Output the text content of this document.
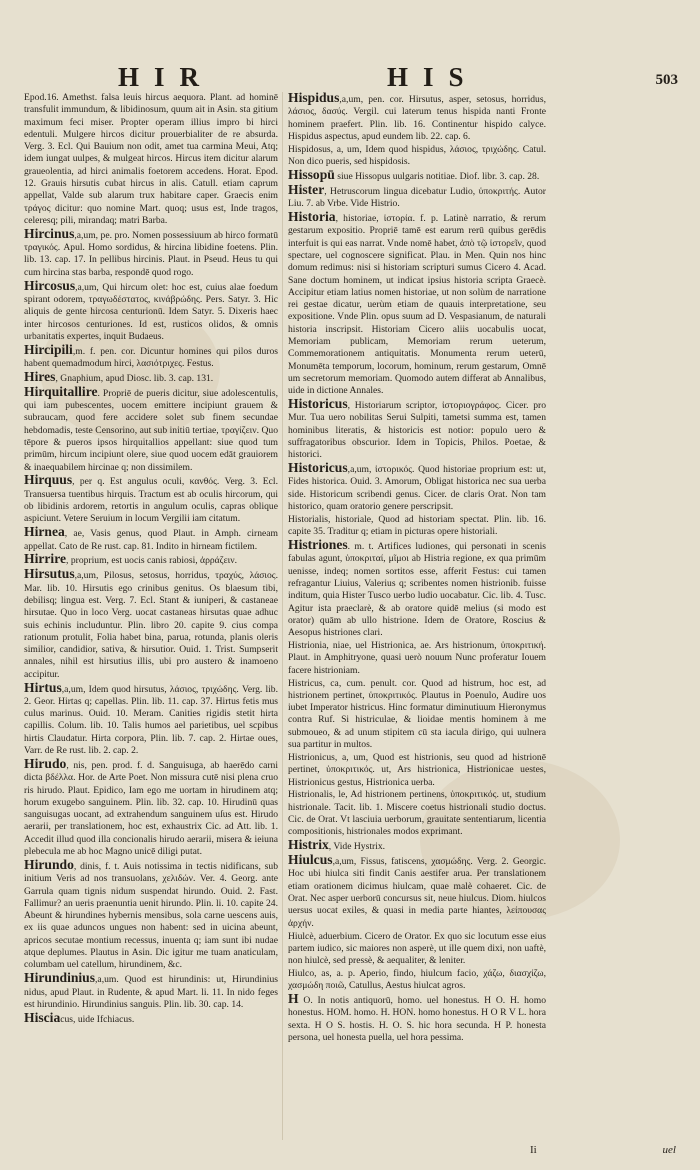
HIR	HIS	503

Epod.16. Amethst. falsa leuis hircus aequora. Plant. ad hominē transfulit immundum, & libidinosum, quum ait in Asin. sta gitium maximum feci miser. Propter operam illius impro bi hirci edentuli. Mulgere hircos dicitur prouerbialiter de re absurda. Verg. 3. Ecl. Qui Bauium non odit, amet tua carmina Meui, Atq; idem iungat uulpes, & mulgeat hircos. Hircus item dicitur alarum graueolentia, ad hirci animalis foetorem accedens. Horat. Epod. 12. Grauis hirsutis cubat hircus in alis. Catull. etiam caprum appellat, Valde sub alarum trux habitare caper. Graecis enim τράγος dicitur: quo nomine Mart. quoq; usus est, Inde tragos, celeresq; pili, mirandaq; matri Barba.

Hircinus,a,um, pe. pro. Nomen possessiuum ab hirco formatū τραγικός. Apul. Homo sordidus, & hircina libidine foetens. Plin. lib. 13. cap. 17. In pellibus hircinis. Plaut. in Pseud. Heus tu qui cum hircina stas barba, respondē quod rogo.

Hircosus,a,um, Qui hircum olet: hoc est, cuius alae foedum spirant odorem, τραγωδέστατος, κινάβρώδης. Pers. Satyr. 3. Hic aliquis de gente hircosa centurionū. Idem Satyr. 5. Dixeris haec inter hircosos centuriones. Id est, rusticos olidos, & omnis urbanitatis expertes, inquit Budaeus.

Hircipili,m. f. pen. cor. Dicuntur homines qui pilos duros habent quemadmodum hirci, λασιότριχες. Festus.

Hires, Gnaphium, apud Diosc. lib. 3. cap. 131.

Hirquitallire. Propriē de pueris dicitur, siue adolescentulis, qui iam pubescentes, uocem emittere incipiunt grauem & subraucam, quod fere accidere solet sub finem secundae hebdomadis, teste Censorino, aut sub initiū tertiae, τραγίζειν. Quo tēpore & pueros ipsos hirquitallios appellant: siue quod tum primūm, hircum incipiunt olere, siue quod uocem edāt grauiorem & inaequabilem hircinae q; non dissimilem.

Hirquus, per q. Est angulus oculi, κανθός. Verg. 3. Ecl. Transuersa tuentibus hirquis. Tractum est ab oculis hircorum, qui ob libidinis ardorem, retortis in angulum oculis, capras oblique aspiciunt. Vetere Seruium in locum Vergilii iam citatum.

Hirnea, ae, Vasis genus, quod Plaut. in Amph. cirneam appellat. Cato de Re rust. cap. 81. Indito in hirneam fictilem.

Hirrire, proprium, est uocis canis rabiosi, ἀρράζειν.

Hirsutus,a,um, Pilosus, setosus, horridus, τραχύς, λάσιος. Mar. lib. 10. Hirsutis ego crinibus genitus. Os blaesum tibi, debilisq; lingua est. Verg. 7. Ecl. Stant & iuniperi, & castaneae hirsutae. Quo in loco Verg. uocat castaneas hirsutas quae adhuc suis echinis includuntur. Plin. libro 20. capite 9. cius compa rationum protulit, Folia habet bina, parua, rotunda, planis oleris similior, candidior, sativa, & hirsutior. Ouid. 1. Trist. Sumpserit annales, nihil est hirsutius illis, ubi pro austero & inamoeno accipitur.

Hirtus,a,um, Idem quod hirsutus, λάσιος, τριχώδης. Verg. lib. 2. Geor. Hirtas q; capellas. Plin. lib. 11. cap. 37. Hirtus fetis mus culus marinus. Ouid. 10. Meram. Canities rigidis stetit hirta capillis. Colum. lib. 10. Talis humos ael parietibus, uel scpibus hirtis Claudatur. Hirta corpora, Plin. lib. 7. cap. 2. Hirtae oues, Varr. de Re rust. lib. 2. cap. 2.

Hirudo, nis, pen. prod. f. d. Sanguisuga, ab haerēdo carni dicta βδέλλα. Hor. de Arte Poet. Non missura cutē nisi plena cruo ris hirudo. Plaut. Epidico, Iam ego me uortam in hirudinem atq; horum exugebo sanguinem. Plin. lib. 32. cap. 10. Hirudinū quas sanguisugas uocant, ad extrahendum sanguinem uſus est. Hirudo aerarii, per translationem, hoc est, exhaustrix Cic. ad Att. lib. 1. Accedit illud quod illa concionalis hirudo aerarii, misera & ieiuna plebecula me ab hoc Magno unicē diligi putat.

Hirundo, dinis, f. t. Auis notissima in tectis nidificans, sub initium Veris ad nos transuolans, χελιδών. Ver. 4. Georg. ante Garrula quam tignis nidum suspendat hirundo. Ouid. 2. Fast. Fallimur? an ueris praenuntia uenit hirundo. Plin. li. 10. capite 24. Abeunt & hirundines hybernis mensibus, sola carne uescens auis, ex iis quae aduncos ungues non habent: sed in uicina abeunt, apricos secutae montium recessus, inuenta q; iam sunt ibi nudae atque deplumes. Plautus in Asin. Dic igitur me tuam anaticulam, columbam uel catellum, hirundinem, &c.

Hirundinius,a,um. Quod est hirundinis: ut, Hirundinius nidus, apud Plaut. in Rudente, & apud Mart. li. 11. In nido feges est hirundinio. Hirundinius sanguis. Plin. lib. 30. cap. 14.

Hisciacus, uide Ifchiacus.

Hispidus,a,um, pen. cor. Hirsutus, asper, setosus, horridus, λάσιος, δασύς. Vergil. cui laterum tenus hispida nanti Fronte hominem praefert. Plin. lib. 16. Continentur hispido calyce. Hispidus aspectus, apud eundem lib. 22. cap. 6.

Hispidosus, a, um, Idem quod hispidus, λάσιος, τριχώδης. Catul. Non dico pueris, sed hispidosis.

Hissopū siue Hissopus uulgaris notitiae. Diof. libr. 3. cap. 28.

Hister, Hetruscorum lingua dicebatur Ludio, ὑποκριτής. Autor Liu. 7. ab Vrbe. Vide Histrio.

Historia, historiae, ἱστορία. f. p. Latinè narratio, & rerum gestarum expositio. Propriē tamē est earum rerū quibus gerēdis interfuit is qui eas narrat. Vnde nomē habet, ἀπὸ τῷ ἱστορεῖν, quod spectare, uel cognoscere significat. Plau. in Men. Quin nos hinc domum redimus: nisi si historiam scripturi sumus Cicero 4. Acad. Sane doctum hominem, ut indicat ipsius historia scripta Graecè. Accipitur etiam latius nomen historiae, ut non solùm de narratione rei gestae dicatur, uerùm etiam de quauis interpretatione, seu expositione. Vnde Plin. opus suum ad D. Vespasianum, de naturali historia inscripsit. Historiam Cicero aliis uocabulis uocat, Memoriam publicam, Memoriam rerum ueterum, Commemorationem antiquitatis. Monumenta rerum ueterū, Monumēta temporum, locorum, hominum, rerum gestarum, Omnē um secretorum memoriam. Quomodo autem differat ab Annalibus, uide in dictione Annales.

Historicus, Historiarum scriptor, ἱστοριογράφος. Cicer. pro Mur. Tua uero nobilitas Serui Sulpiti, tametsi summa est, tamen hominibus literatis, & historicis est notior: populo uero & suffragatoribus obscurior. Idem in Topicis, Philos. Poetae, & historici.

Historicus,a,um, ἱστορικός. Quod historiae proprium est: ut, Fides historica. Ouid. 3. Amorum, Obligat historica nec sua uerba side. Historicum scribendi genus. Cicer. de claris Orat. Non tam historico, quam oratorio genere perscripsit.

Historialis, historiale, Quod ad historiam spectat. Plin. lib. 16. capite 35. Traditur q; etiam in picturas opere historiali.

Histriones. m. t. Artifices ludiones, qui personati in scenis fabulas agunt, ὑποκριταί, μῖμοι ab Histria regione, ex qua primūm uenisse, indeq; nomen sortitos esse, afferit Festus: cui tamen refragantur Liuius, Valerius q; scribentes nomen histrionib. fuisse inditum, quia Hister Tusco uerbo ludio uocabatur. Cic. lib. 4. Tusc. Agitur ista praeclarè, & ab oratore quidē melius (si modo est orator) quām ab ullo histrione. Idem de Oratore, Roscius & Aesopus histriones clari.

Histrionia, niae, uel Histrionica, ae. Ars histrionum, ὑποκριτική. Plaut. in Amphitryone, quasi uerò nouum Nunc proferatur Iouem facere histrioniam.

Histricus, ca, cum. penult. cor. Quod ad histrum, hoc est, ad histrionem pertinet, ὑποκριτικός. Plautus in Poenulo, Audire uos iubet Imperator histricus. Hinc formatur diminutiuum Hieronymus contra Ruf. Si histriculae, & lioidae mentis hominem à me submoueo, & ad unum stipitem cū sta iacula dirigo, qui uulnera sua partitur in multos.

Histrionicus, a, um, Quod est histrionis, seu quod ad histrionē pertinet, ὑποκριτικός. ut, Ars histrionica, Histrionicae uestes, Histrionicus gestus, Histrionica uerba.

Histrionalis, le, Ad histrionem pertinens, ὑποκριτικός. ut, studium histrionale. Tacit. lib. 1. Miscere coetus histrionali studio doctus. Cic. de Orat. Vt lasciuia uerborum, grauitate sententiarum, licentia compositionis, histrionales modos exprimant.

Histrix, Vide Hystrix.

Hiulcus,a,um, Fissus, fatiscens, χασμώδης. Verg. 2. Georgic. Hoc ubi hiulca siti findit Canis aestifer arua. Per translationem etiam orationem dicimus hiulcam, quae malè cohaeret. Cic. de Orat. Nec asper uerborū concursus sit, neue hiulcus. Diom. hiulcos uersus uocat exiles, & quasi in media parte hiantes, λείπουσας ἀρχήν.

Hiulcè, aduerbium. Cicero de Orator. Ex quo sic locutum esse eius partem iudico, sic maiores non asperè, ut ille quem dixi, non uaftè, non hiulcè, sed pressè, & aequaliter, & leniter.

Hiulco, as, a. p. Aperio, findo, hiulcum facio, χάζω, διασχίζω, χασμώδη ποιῶ, Catullus, Aestus hiulcat agros.

H O. In notis antiquorū, homo. uel honestus. H O. H. homo honestus. HOM. homo. H. HON. homo honestus. H O R V L. hora sexta. H O S. hostis. H. O. S. hic hora secunda. H P. honesta persona, uel honesta puella, uel hora pessima.

Ii	uel
